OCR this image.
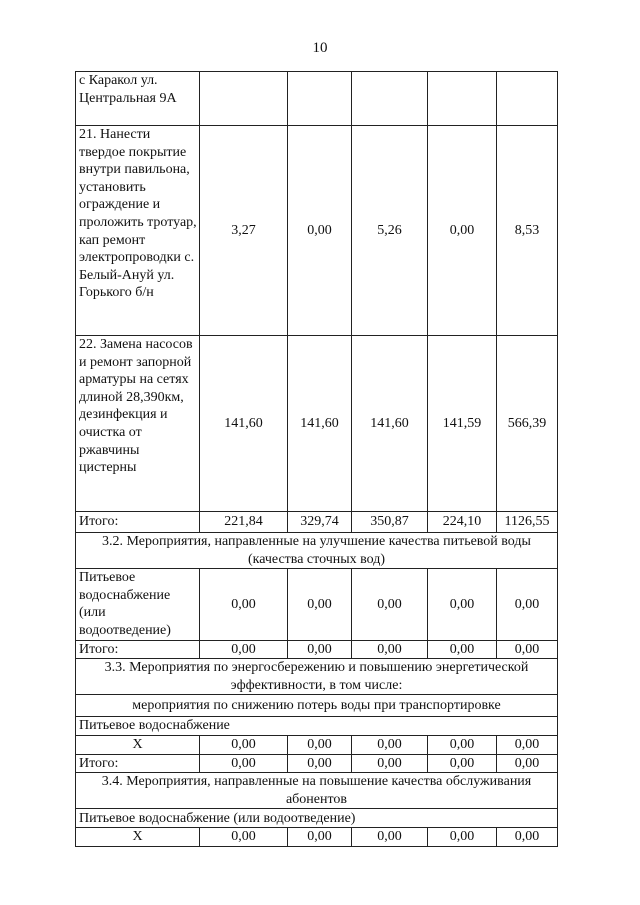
10
с Каракол ул. Центральная 9А					
21. Нанести твердое покрытие внутри павильона, установить ограждение и проложить тротуар, кап ремонт электропроводки с. Белый-Ануй ул. Горького б/н	3,27	0,00	5,26	0,00	8,53
22. Замена насосов и ремонт запорной арматуры на сетях длиной 28,390км, дезинфекция и очистка от ржавчины цистерны	141,60	141,60	141,60	141,59	566,39
Итого:	221,84	329,74	350,87	224,10	1126,55
3.2. Мероприятия, направленные на улучшение качества питьевой воды (качества сточных вод)					
Питьевое водоснабжение (или водоотведение)	0,00	0,00	0,00	0,00	0,00
Итого:	0,00	0,00	0,00	0,00	0,00
3.3. Мероприятия по энергосбережению и повышению энергетической эффективности, в том числе:					
мероприятия по снижению потерь воды при транспортировке					
Питьевое водоснабжение					
Х	0,00	0,00	0,00	0,00	0,00
Итого:	0,00	0,00	0,00	0,00	0,00
3.4. Мероприятия, направленные на повышение качества обслуживания абонентов					
Питьевое водоснабжение (или водоотведение)					
Х	0,00	0,00	0,00	0,00	0,00
